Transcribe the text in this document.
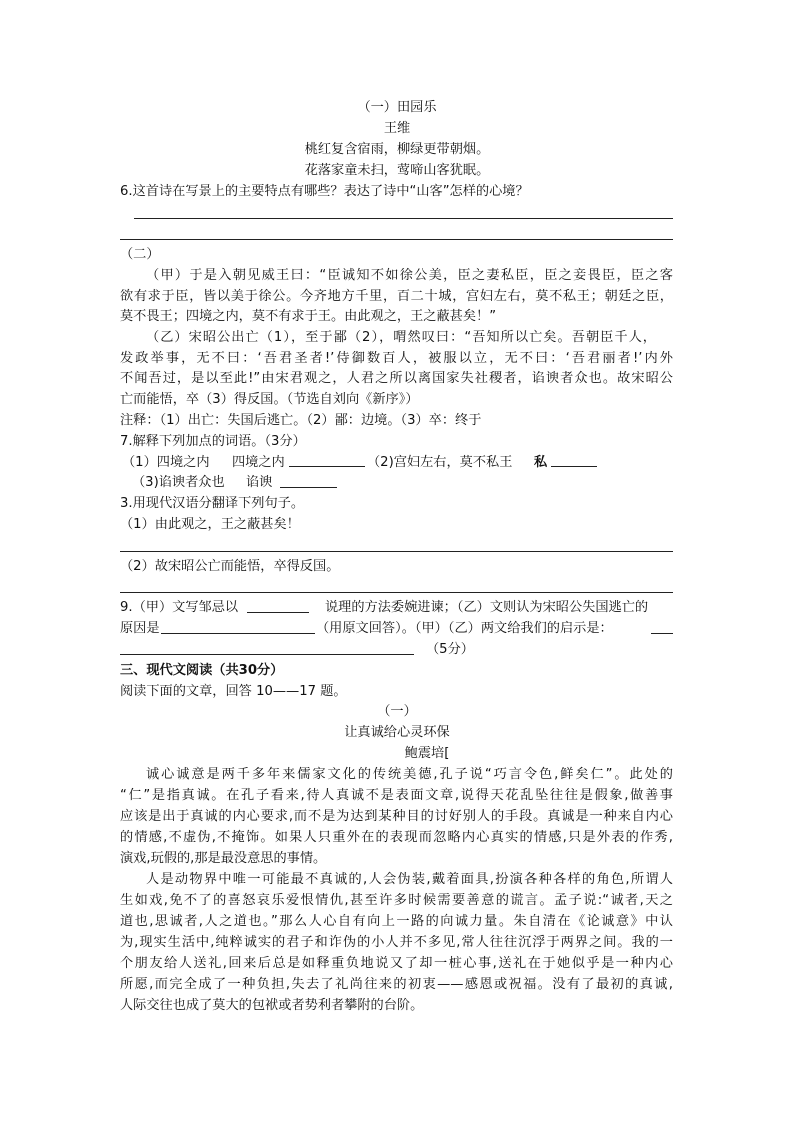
（一）田园乐
王维
桃红复含宿雨，柳绿更带朝烟。
花落家童未扫，莺啼山客犹眠。
6.这首诗在写景上的主要特点有哪些？表达了诗中“山客”怎样的心境？
（二）
（甲）于是入朝见威王曰：“臣诚知不如徐公美，臣之妻私臣，臣之妾畏臣，臣之客
欲有求于臣，皆以美于徐公。今齐地方千里，百二十城，宫妇左右，莫不私王；朝廷之臣，
莫不畏王；四境之内，莫不有求于王。由此观之，王之蔽甚矣！”
（乙）宋昭公出亡（1），至于鄙（2），喟然叹曰：“吾知所以亡矣。吾朝臣千人，
发政举事，无不曰：‘吾君圣者!’侍御数百人，被服以立，无不曰：‘吾君丽者!’内外
不闻吾过，是以至此!”由宋君观之，人君之所以离国家失社稷者，谄谀者众也。故宋昭公
亡而能悟，卒（3）得反国。（节选自刘向《新序》）
注释：（1）出亡：失国后逃亡。（2）鄙：边境。（3）卒：终于
7.解释下列加点的词语。（3分）
（1）四境之内 四境之内	（2)宫妇左右，莫不私王 私
（3)谄谀者众也 谄谀
3.用现代汉语分翻译下列句子。
（1）由此观之，王之蔽甚矣！
（2）故宋昭公亡而能悟，卒得反国。
9.（甲）文写邹忌以	说理的方法委婉进谏；（乙）文则认为宋昭公失国逃亡的
原因是	（用原文回答）。（甲）（乙）两文给我们的启示是：
（5分）
三、现代文阅读（共30分）
阅读下面的文章，回答 10——17 题。
（一）
让真诚给心灵环保
鲍震培[
诚心诚意是两千多年来儒家文化的传统美德,孔子说“巧言令色,鲜矣仁”。此处的
“仁”是指真诚。在孔子看来,待人真诚不是表面文章,说得天花乱坠往往是假象,做善事
应该是出于真诚的内心要求,而不是为达到某种目的讨好别人的手段。真诚是一种来自内心
的情感,不虚伪,不掩饰。如果人只重外在的表现而忽略内心真实的情感,只是外表的作秀,
演戏,玩假的,那是最没意思的事情。
人是动物界中唯一可能最不真诚的,人会伪装,戴着面具,扮演各种各样的角色,所谓人
生如戏,免不了的喜怒哀乐爱恨情仇,甚至许多时候需要善意的谎言。孟子说:“诚者,天之
道也,思诚者,人之道也。”那么人心自有向上一路的向诚力量。朱自清在《论诚意》中认
为,现实生活中,纯粹诚实的君子和诈伪的小人并不多见,常人往往沉浮于两界之间。我的一
个朋友给人送礼,回来后总是如释重负地说又了却一桩心事,送礼在于她似乎是一种内心
所愿,而完全成了一种负担,失去了礼尚往来的初衷——感恩或祝福。没有了最初的真诚,
人际交往也成了莫大的包袱或者势利者攀附的台阶。
